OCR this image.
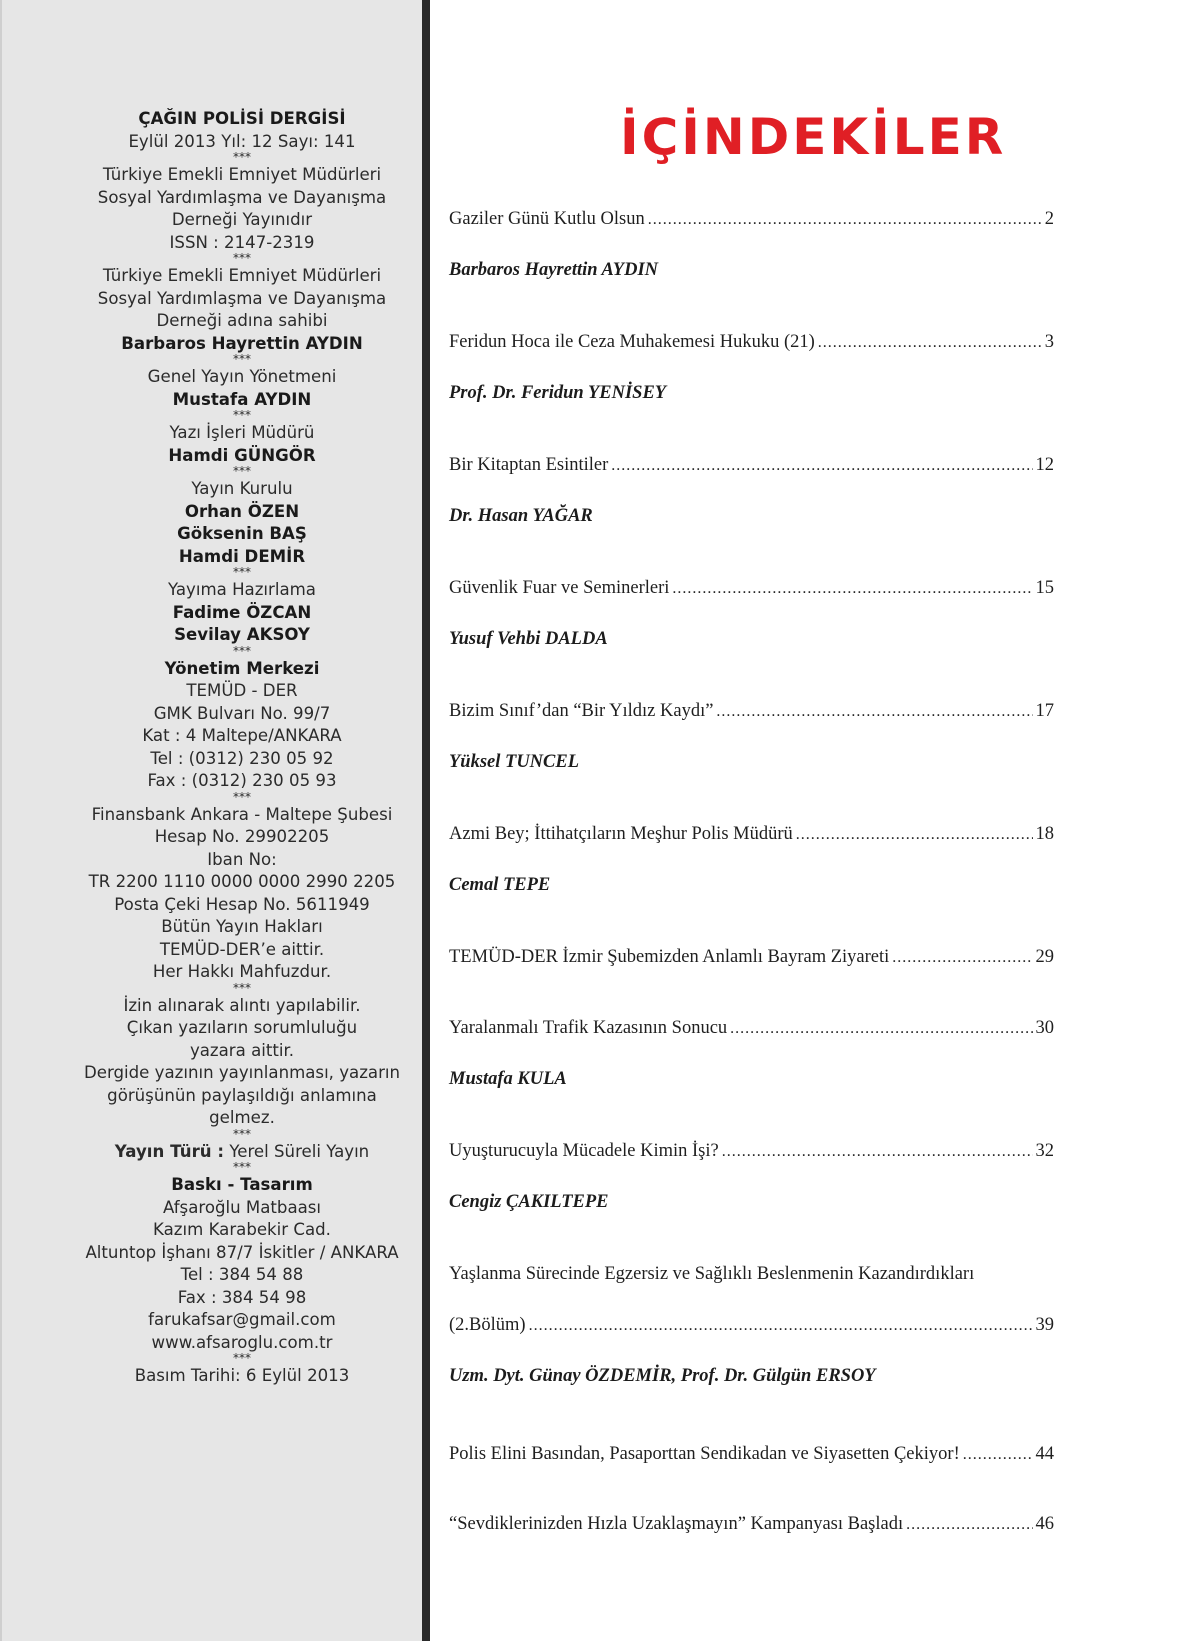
ÇAĞIN POLİSİ DERGİSİ
Eylül 2013 Yıl: 12 Sayı: 141
***
Türkiye Emekli Emniyet Müdürleri
Sosyal Yardımlaşma ve Dayanışma
Derneği Yayınıdır
ISSN : 2147-2319
***
Türkiye Emekli Emniyet Müdürleri
Sosyal Yardımlaşma ve Dayanışma
Derneği adına sahibi
Barbaros Hayrettin AYDIN
***
Genel Yayın Yönetmeni
Mustafa AYDIN
***
Yazı İşleri Müdürü
Hamdi GÜNGÖR
***
Yayın Kurulu
Orhan ÖZEN
Göksenin BAŞ
Hamdi DEMİR
***
Yayıma Hazırlama
Fadime ÖZCAN
Sevilay AKSOY
***
Yönetim Merkezi
TEMÜD - DER
GMK Bulvarı No. 99/7
Kat : 4 Maltepe/ANKARA
Tel : (0312) 230 05 92
Fax : (0312) 230 05 93
***
Finansbank Ankara - Maltepe Şubesi
Hesap No. 29902205
Iban No:
TR 2200 1110 0000 0000 2990 2205
Posta Çeki Hesap No. 5611949
Bütün Yayın Hakları
TEMÜD-DER’e aittir.
Her Hakkı Mahfuzdur.
***
İzin alınarak alıntı yapılabilir.
Çıkan yazıların sorumluluğu
yazara aittir.
Dergide yazının yayınlanması, yazarın
görüşünün paylaşıldığı anlamına
gelmez.
***
Yayın Türü : Yerel Süreli Yayın
***
Baskı - Tasarım
Afşaroğlu Matbaası
Kazım Karabekir Cad.
Altuntop İşhanı 87/7 İskitler / ANKARA
Tel : 384 54 88
Fax : 384 54 98
farukafsar@gmail.com
www.afsaroglu.com.tr
***
Basım Tarihi: 6 Eylül 2013
İÇİNDEKİLER
Gaziler Günü Kutlu Olsun .....	2
Barbaros Hayrettin AYDIN
Feridun Hoca ile Ceza Muhakemesi Hukuku (21) .....	3
Prof. Dr. Feridun YENİSEY
Bir Kitaptan Esintiler .....	12
Dr. Hasan YAĞAR
Güvenlik Fuar ve Seminerleri .....	15
Yusuf Vehbi DALDA
Bizim Sınıf’dan “Bir Yıldız Kaydı” .....	17
Yüksel TUNCEL
Azmi Bey; İttihatçıların Meşhur Polis Müdürü .....	18
Cemal TEPE
TEMÜD-DER İzmir Şubemizden Anlamlı Bayram Ziyareti .....	29
Yaralanmalı Trafik Kazasının Sonucu .....	30
Mustafa KULA
Uyuşturucuyla Mücadele Kimin İşi? .....	32
Cengiz ÇAKILTEPE
Yaşlanma Sürecinde Egzersiz ve Sağlıklı Beslenmenin Kazandırdıkları
(2.Bölüm) .....	39
Uzm. Dyt. Günay ÖZDEMİR, Prof. Dr. Gülgün ERSOY
Polis Elini Basından, Pasaporttan Sendikadan ve Siyasetten Çekiyor! .....	44
“Sevdiklerinizden Hızla Uzaklaşmayın” Kampanyası Başladı .....	46
